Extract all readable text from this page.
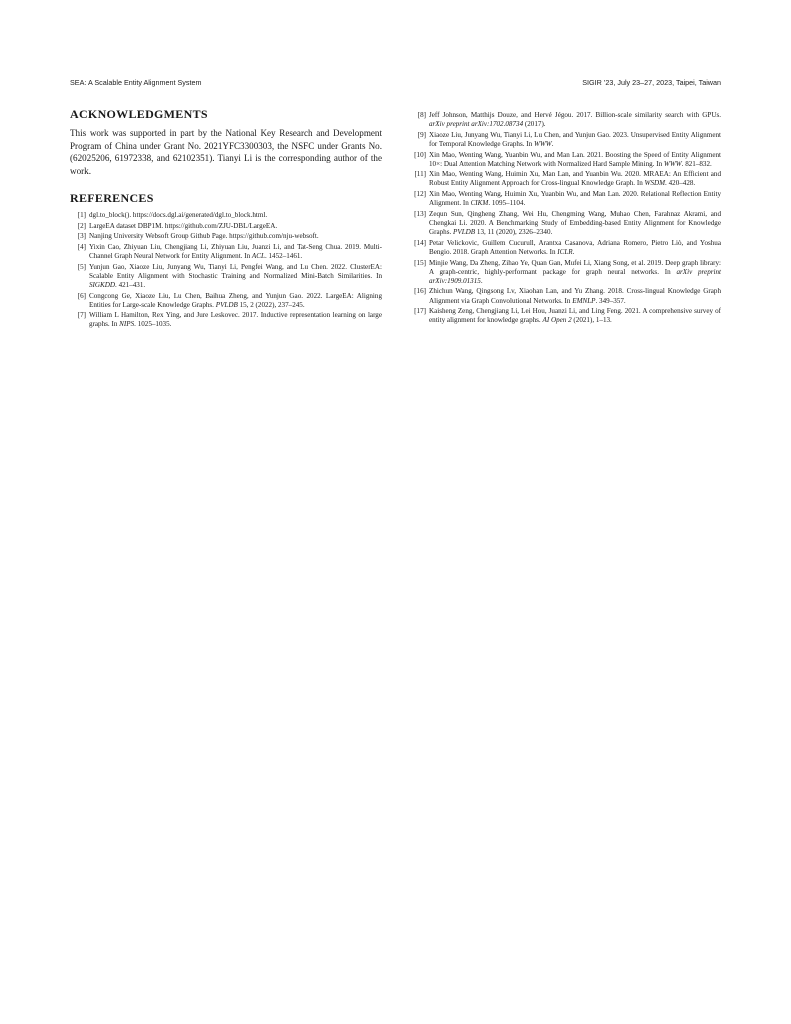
SEA: A Scalable Entity Alignment System	SIGIR ’23, July 23–27, 2023, Taipei, Taiwan
ACKNOWLEDGMENTS

This work was supported in part by the National Key Research and Development Program of China under Grant No. 2021YFC3300303, the NSFC under Grants No. (62025206, 61972338, and 62102351). Tianyi Li is the corresponding author of the work.

REFERENCES
[1] dgl.to_block(). https://docs.dgl.ai/generated/dgl.to_block.html.
[2] LargeEA dataset DBP1M. https://github.com/ZJU-DBL/LargeEA.
[3] Nanjing University Websoft Group Github Page. https://github.com/nju-websoft.
[4] Yixin Cao, Zhiyuan Liu, Chengjiang Li, Zhiyuan Liu, Juanzi Li, and Tat-Seng Chua. 2019. Multi-Channel Graph Neural Network for Entity Alignment. In ACL. 1452–1461.
[5] Yunjun Gao, Xiaoze Liu, Junyang Wu, Tianyi Li, Pengfei Wang, and Lu Chen. 2022. ClusterEA: Scalable Entity Alignment with Stochastic Training and Normalized Mini-Batch Similarities. In SIGKDD. 421–431.
[6] Congcong Ge, Xiaoze Liu, Lu Chen, Baihua Zheng, and Yunjun Gao. 2022. LargeEA: Aligning Entities for Large-scale Knowledge Graphs. PVLDB 15, 2 (2022), 237–245.
[7] William L Hamilton, Rex Ying, and Jure Leskovec. 2017. Inductive representation learning on large graphs. In NIPS. 1025–1035.
[8] Jeff Johnson, Matthijs Douze, and Hervé Jégou. 2017. Billion-scale similarity search with GPUs. arXiv preprint arXiv:1702.08734 (2017).
[9] Xiaoze Liu, Junyang Wu, Tianyi Li, Lu Chen, and Yunjun Gao. 2023. Unsupervised Entity Alignment for Temporal Knowledge Graphs. In WWW.
[10] Xin Mao, Wenting Wang, Yuanbin Wu, and Man Lan. 2021. Boosting the Speed of Entity Alignment 10×: Dual Attention Matching Network with Normalized Hard Sample Mining. In WWW. 821–832.
[11] Xin Mao, Wenting Wang, Huimin Xu, Man Lan, and Yuanbin Wu. 2020. MRAEA: An Efficient and Robust Entity Alignment Approach for Cross-lingual Knowledge Graph. In WSDM. 420–428.
[12] Xin Mao, Wenting Wang, Huimin Xu, Yuanbin Wu, and Man Lan. 2020. Relational Reflection Entity Alignment. In CIKM. 1095–1104.
[13] Zequn Sun, Qingheng Zhang, Wei Hu, Chengming Wang, Muhao Chen, Farahnaz Akrami, and Chengkai Li. 2020. A Benchmarking Study of Embedding-based Entity Alignment for Knowledge Graphs. PVLDB 13, 11 (2020), 2326–2340.
[14] Petar Velickovic, Guillem Cucurull, Arantxa Casanova, Adriana Romero, Pietro Liò, and Yoshua Bengio. 2018. Graph Attention Networks. In ICLR.
[15] Minjie Wang, Da Zheng, Zihao Ye, Quan Gan, Mufei Li, Xiang Song, et al. 2019. Deep graph library: A graph-centric, highly-performant package for graph neural networks. In arXiv preprint arXiv:1909.01315.
[16] Zhichun Wang, Qingsong Lv, Xiaohan Lan, and Yu Zhang. 2018. Cross-lingual Knowledge Graph Alignment via Graph Convolutional Networks. In EMNLP. 349–357.
[17] Kaisheng Zeng, Chengjiang Li, Lei Hou, Juanzi Li, and Ling Feng. 2021. A comprehensive survey of entity alignment for knowledge graphs. AI Open 2 (2021), 1–13.
